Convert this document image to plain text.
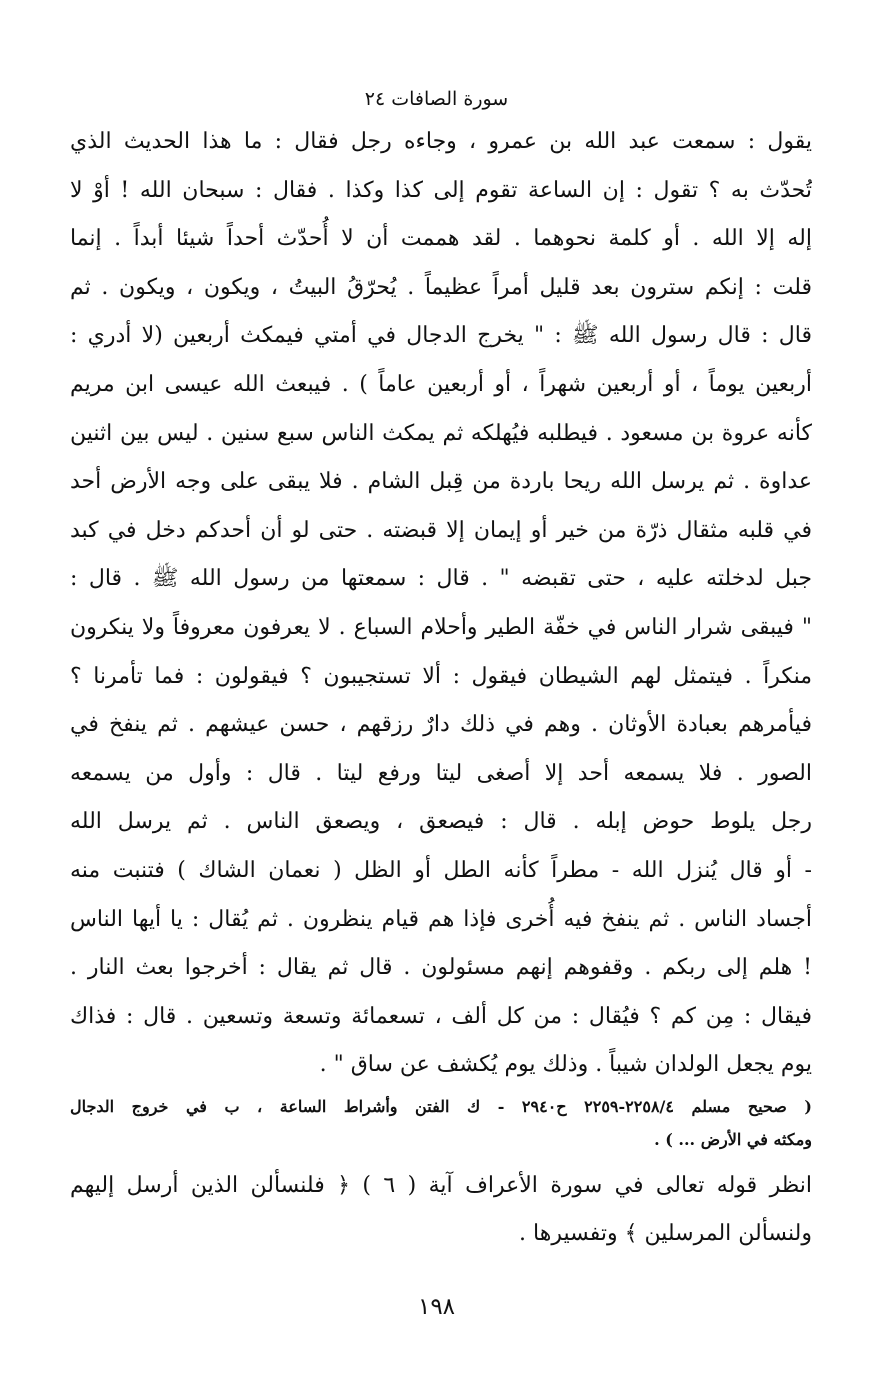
سورة الصافات ٢٤
يقول : سمعت عبد الله بن عمرو ، وجاءه رجل فقال : ما هذا الحديث الذي
تُحدّث به ؟ تقول : إن الساعة تقوم إلى كذا وكذا . فقال : سبحان الله ! أوْ لا
إله إلا الله . أو كلمة نحوهما . لقد هممت أن لا أُحدّث أحداً شيئا أبداً . إنما
قلت : إنكم سترون بعد قليل أمراً عظيماً . يُحرّقُ البيتُ ، ويكون ، ويكون . ثم
قال : قال رسول الله ﷺ : " يخرج الدجال في أمتي فيمكث أربعين (لا أدري :
أربعين يوماً ، أو أربعين شهراً ، أو أربعين عاماً ) . فيبعث الله عيسى ابن مريم
كأنه عروة بن مسعود . فيطلبه فيُهلكه ثم يمكث الناس سبع سنين . ليس بين اثنين
عداوة . ثم يرسل الله ريحا باردة من قِبل الشام . فلا يبقى على وجه الأرض أحد
في قلبه مثقال ذرّة من خير أو إيمان إلا قبضته . حتى لو أن أحدكم دخل في كبد
جبل لدخلته عليه ، حتى تقبضه " . قال : سمعتها من رسول الله ﷺ . قال :
" فيبقى شرار الناس في خفّة الطير وأحلام السباع . لا يعرفون معروفاً ولا ينكرون
منكراً . فيتمثل لهم الشيطان فيقول : ألا تستجيبون ؟ فيقولون : فما تأمرنا ؟
فيأمرهم بعبادة الأوثان . وهم في ذلك دارٌ رزقهم ، حسن عيشهم . ثم ينفخ في
الصور . فلا يسمعه أحد إلا أصغى ليتا ورفع ليتا . قال : وأول من يسمعه
رجل يلوط حوض إبله . قال : فيصعق ، ويصعق الناس . ثم يرسل الله
- أو قال يُنزل الله - مطراً كأنه الطل أو الظل ( نعمان الشاك ) فتنبت منه
أجساد الناس . ثم ينفخ فيه أُخرى فإذا هم قيام ينظرون . ثم يُقال : يا أيها الناس
! هلم إلى ربكم . وقفوهم إنهم مسئولون . قال ثم يقال : أخرجوا بعث النار .
فيقال : مِن كم ؟ فيُقال : من كل ألف ، تسعمائة وتسعة وتسعين . قال : فذاك
يوم يجعل الولدان شيباً . وذلك يوم يُكشف عن ساق " .
( صحيح مسلم ٢٢٥٨/٤-٢٢٥٩ ح٢٩٤٠ - ك الفتن وأشراط الساعة ، ب في خروج الدجال
ومكثه في الأرض ... ) .
انظر قوله تعالى في سورة الأعراف آية ( ٦ ) ﴿ فلنسألن الذين أرسل إليهم
ولنسألن المرسلين ﴾ وتفسيرها .
١٩٨
